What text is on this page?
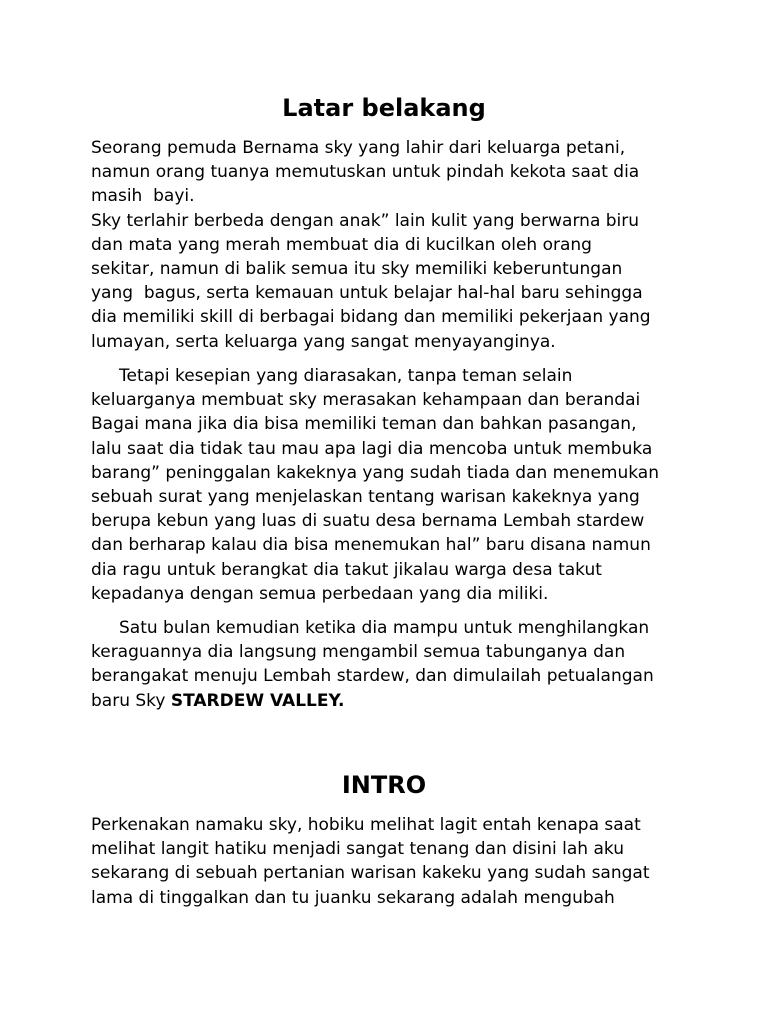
Latar belakang

Seorang pemuda Bernama sky yang lahir dari keluarga petani,
namun orang tuanya memutuskan untuk pindah kekota saat dia
masih  bayi.
Sky terlahir berbeda dengan anak” lain kulit yang berwarna biru
dan mata yang merah membuat dia di kucilkan oleh orang
sekitar, namun di balik semua itu sky memiliki keberuntungan
yang  bagus, serta kemauan untuk belajar hal-hal baru sehingga
dia memiliki skill di berbagai bidang dan memiliki pekerjaan yang
lumayan, serta keluarga yang sangat menyayanginya.

Tetapi kesepian yang diarasakan, tanpa teman selain
keluarganya membuat sky merasakan kehampaan dan berandai
Bagai mana jika dia bisa memiliki teman dan bahkan pasangan,
lalu saat dia tidak tau mau apa lagi dia mencoba untuk membuka
barang” peninggalan kakeknya yang sudah tiada dan menemukan
sebuah surat yang menjelaskan tentang warisan kakeknya yang
berupa kebun yang luas di suatu desa bernama Lembah stardew
dan berharap kalau dia bisa menemukan hal” baru disana namun
dia ragu untuk berangkat dia takut jikalau warga desa takut
kepadanya dengan semua perbedaan yang dia miliki.

Satu bulan kemudian ketika dia mampu untuk menghilangkan
keraguannya dia langsung mengambil semua tabunganya dan
berangakat menuju Lembah stardew, dan dimulailah petualangan
baru Sky STARDEW VALLEY.

INTRO

Perkenakan namaku sky, hobiku melihat lagit entah kenapa saat
melihat langit hatiku menjadi sangat tenang dan disini lah aku
sekarang di sebuah pertanian warisan kakeku yang sudah sangat
lama di tinggalkan dan tu juanku sekarang adalah mengubah
